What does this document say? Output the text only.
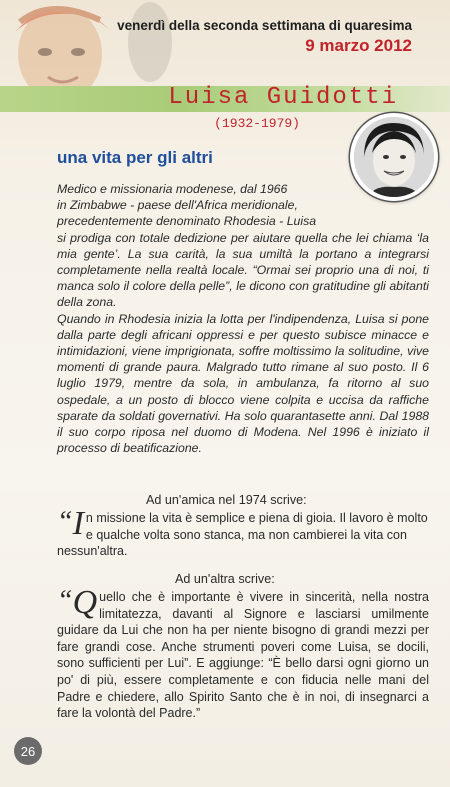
venerdì della seconda settimana di quaresima
9 marzo 2012
Luisa Guidotti
(1932-1979)
una vita per gli altri

Medico e missionaria modenese, dal 1966

in Zimbabwe - paese dell'Africa meridionale,

precedentemente denominato Rhodesia - Luisa

si prodiga con totale dedizione per aiutare quella che lei chiama ‘la mia gente’. La sua carità, la sua umiltà la portano a integrarsi completamente nella realtà locale. “Ormai sei proprio una di noi, ti manca solo il colore della pelle”, le dicono con gratitudine gli abitanti della zona.

Quando in Rhodesia inizia la lotta per l'indipendenza, Luisa si pone dalla parte degli africani oppressi e per questo subisce minacce e intimidazioni, viene imprigionata, soffre moltissimo la solitudine, vive momenti di grande paura. Malgrado tutto rimane al suo posto. Il 6 luglio 1979, mentre da sola, in ambulanza, fa ritorno al suo ospedale, a un posto di blocco viene colpita e uccisa da raffiche sparate da soldati governativi. Ha solo quarantasette anni. Dal 1988 il suo corpo riposa nel duomo di Modena. Nel 1996 è iniziato il processo di beatificazione.

Ad un'amica nel 1974 scrive:
“ I n missione la vita è semplice e piena di gioia. Il lavoro è molto e qualche volta sono stanca, ma non cambierei la vita con nessun'altra.
Ad un'altra scrive:
“ Q uello che è importante è vivere in sincerità, nella nostra limitatezza, davanti al Signore e lasciarsi umilmente guidare da Lui che non ha per niente bisogno di grandi mezzi per fare grandi cose. Anche strumenti poveri come Luisa, se docili, sono sufficienti per Lui”. E aggiunge: “È bello darsi ogni giorno un po' di più, essere completamente e con fiducia nelle mani del Padre e chiedere, allo Spirito Santo che è in noi, di insegnarci a fare la volontà del Padre.”
26
